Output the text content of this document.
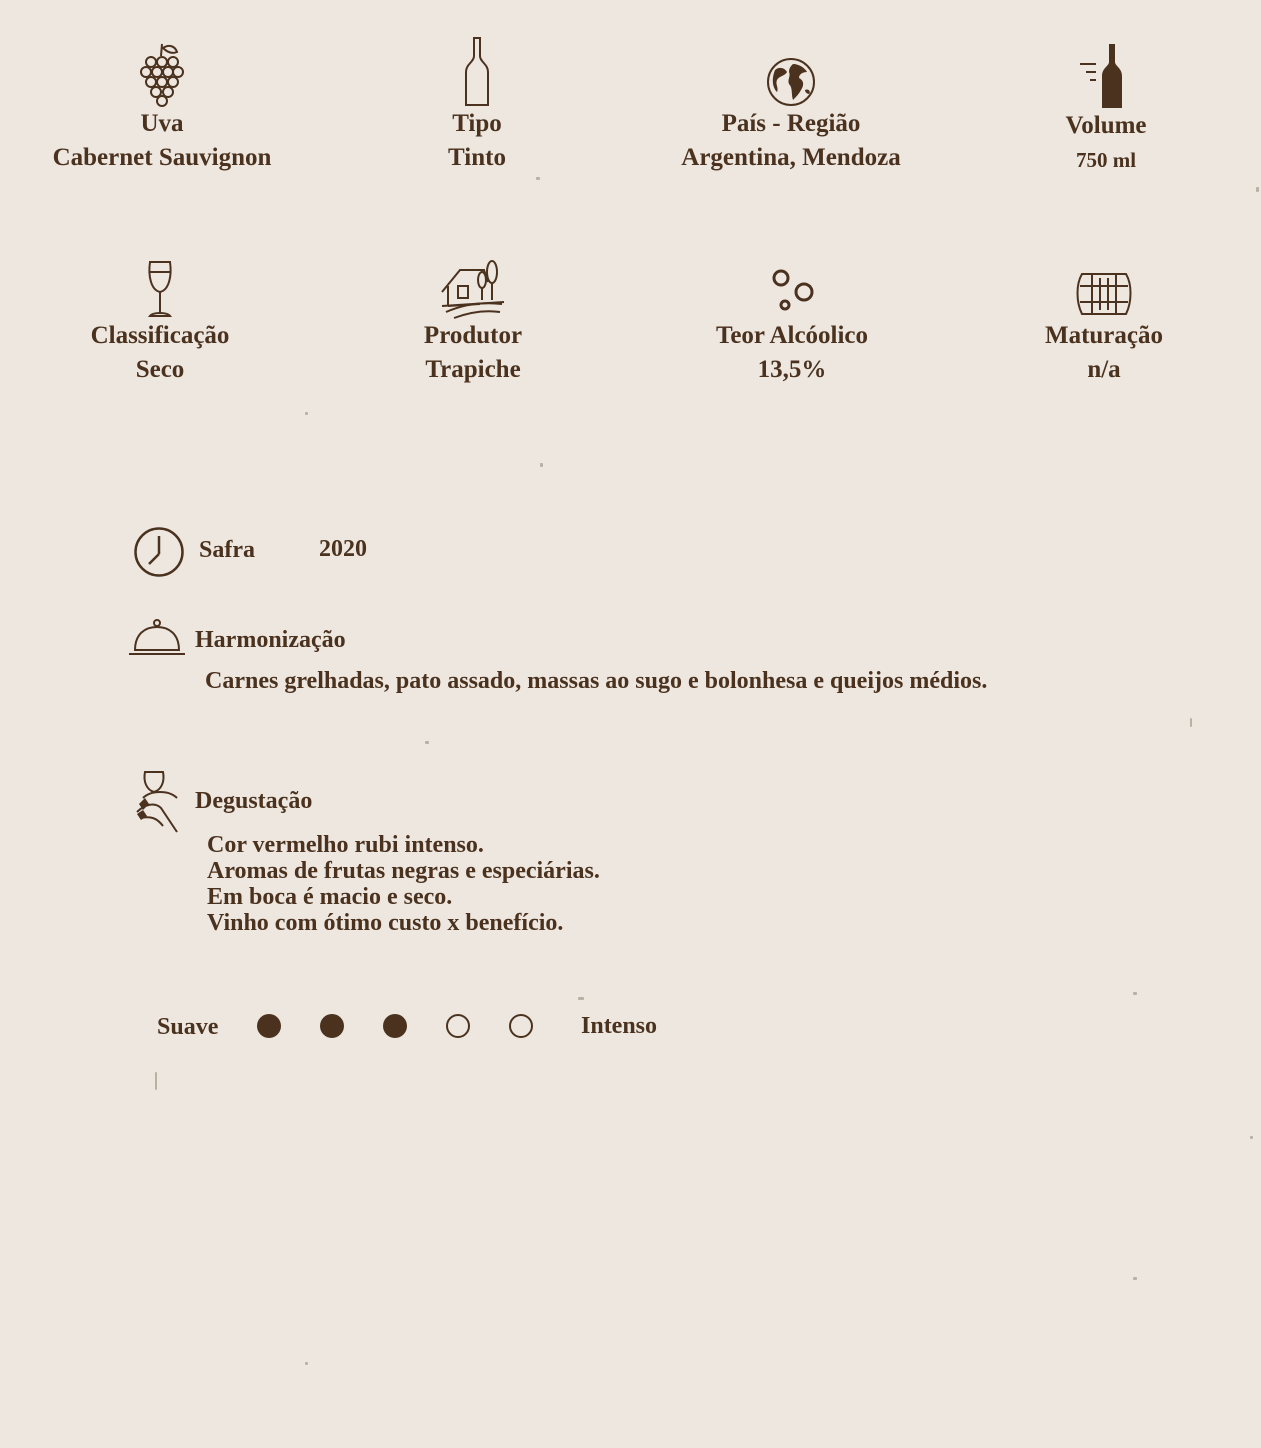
Uva
Cabernet Sauvignon
Tipo
Tinto
País - Região
Argentina, Mendoza
Volume
750 ml
Classificação
Seco
Produtor
Trapiche
Teor Alcóolico
13,5%
Maturação
n/a
Safra	2020
Harmonização
Carnes grelhadas, pato assado, massas ao sugo e bolonhesa e queijos médios.
Degustação
Cor vermelho rubi intenso.
Aromas de frutas negras e especiárias.
Em boca é macio e seco.
Vinho com ótimo custo x benefício.
Suave	Intenso
